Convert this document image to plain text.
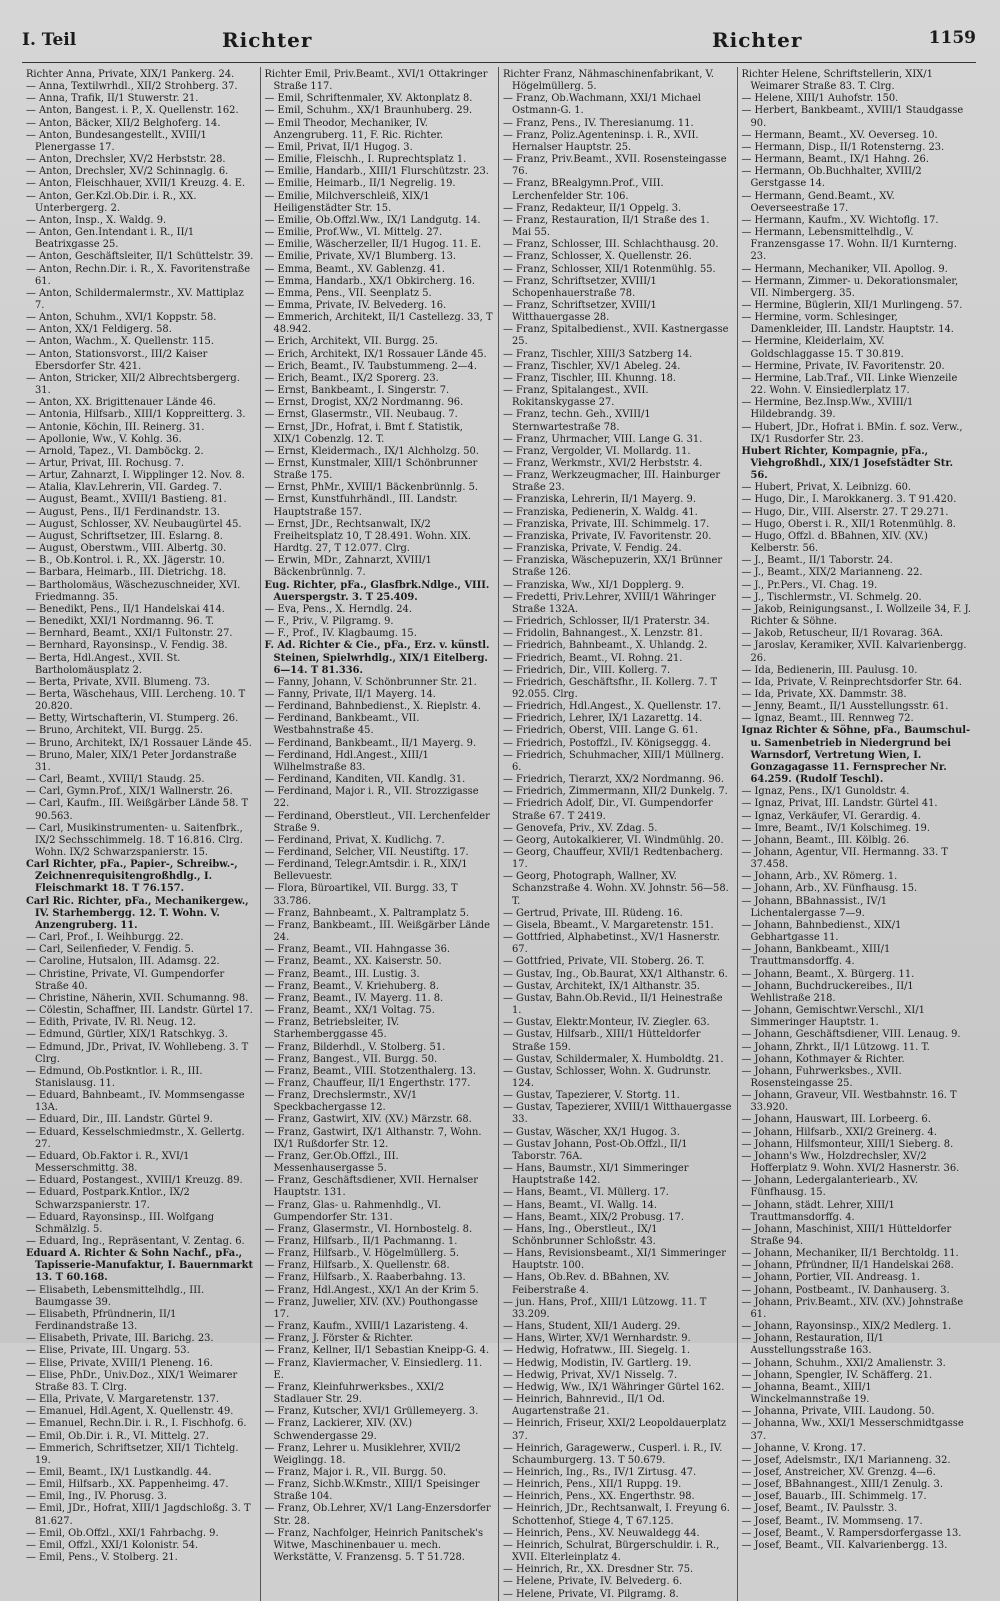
I. Teil	Richter	Richter	1159
Richter Anna, Private, XIX/1 Pankerg. 24.
— Anna, Textilwrhdl., XII/2 Strohberg. 37.
— Anna, Trafik, II/1 Stuwerstr. 21.
— Anton, Bangest. i. P., X. Quellenstr. 162.
— Anton, Bäcker, XII/2 Belghoferg. 14.
— Anton, Bundesangestellt., XVIII/1 Plenergasse 17.
— Anton, Drechsler, XV/2 Herbststr. 28.
— Anton, Drechsler, XV/2 Schinnaglg. 6.
— Anton, Fleischhauer, XVII/1 Kreuzg. 4. E.
— Anton, Ger.Kzl.Ob.Dir. i. R., XX. Unterbergerg. 2.
— Anton, Insp., X. Waldg. 9.
— Anton, Gen.Intendant i. R., II/1 Beatrixgasse 25.
— Anton, Geschäftsleiter, II/1 Schüttelstr. 39.
— Anton, Rechn.Dir. i. R., X. Favoritenstraße 61.
— Anton, Schildermalermstr., XV. Mattiplaz 7.
— Anton, Schuhm., XVI/1 Koppstr. 58.
— Anton, XX/1 Feldigerg. 58.
— Anton, Wachm., X. Quellenstr. 115.
— Anton, Stationsvorst., III/2 Kaiser Ebersdorfer Str. 421.
— Anton, Stricker, XII/2 Albrechtsbergerg. 31.
— Anton, XX. Brigittenauer Lände 46.
— Antonia, Hilfsarb., XIII/1 Koppreitterg. 3.
— Antonie, Köchin, III. Reinerg. 31.
— Apollonie, Ww., V. Kohlg. 36.
— Arnold, Tapez., VI. Damböckg. 2.
— Artur, Privat, III. Rochusg. 7.
— Artur, Zahnarzt, I. Wipplinger 12. Nov. 8.
— Atalia, Klav.Lehrerin, VII. Gardeg. 7.
— August, Beamt., XVIII/1 Bastieng. 81.
— August, Pens., II/1 Ferdinandstr. 13.
— August, Schlosser, XV. Neubaugürtel 45.
— August, Schriftsetzer, III. Eslarng. 8.
— August, Oberstwm., VIII. Albertg. 30.
— B., Ob.Kontrol. i. R., XX. Jägerstr. 10.
— Barbara, Heimarb., III. Dietrichg. 18.
— Bartholomäus, Wäschezuschneider, XVI. Friedmanng. 35.
— Benedikt, Pens., II/1 Handelskai 414.
— Benedikt, XXI/1 Nordmanng. 96. T.
— Bernhard, Beamt., XXI/1 Fultonstr. 27.
— Bernhard, Rayonsinsp., V. Fendig. 38.
— Berta, Hdl.Angest., XVII. St. Bartholomäusplatz 2.
— Berta, Private, XVII. Blumeng. 73.
— Berta, Wäschehaus, VIII. Lercheng. 10. T 20.820.
— Betty, Wirtschafterin, VI. Stumperg. 26.
— Bruno, Architekt, VII. Burgg. 25.
— Bruno, Architekt, IX/1 Rossauer Lände 45.
— Bruno, Maler, XIX/1 Peter Jordanstraße 31.
— Carl, Beamt., XVIII/1 Staudg. 25.
— Carl, Gymn.Prof., XIX/1 Wallnerstr. 26.
— Carl, Kaufm., III. Weißgärber Lände 58. T 90.563.
— Carl, Musikinstrumenten- u. Saitenfbrk., IX/2 Sechsschimmelg. 18. T 16.816. Clrg. Wohn. IX/2 Schwarzspanierstr. 15.
Carl Richter, pFa., Papier-, Schreibw.-, Zeichnenrequisitengroßhdlg., I. Fleischmarkt 18. T 76.157.
Carl Ric. Richter, pFa., Mechanikergew., IV. Starhembergg. 12. T. Wohn. V. Anzengruberg. 11.
— Carl, Prof., I. Weihburgg. 22.
— Carl, Seilenfieder, V. Fendig. 5.
— Caroline, Hutsalon, III. Adamsg. 22.
— Christine, Private, VI. Gumpendorfer Straße 40.
— Christine, Näherin, XVII. Schumanng. 98.
— Cölestin, Schaffner, III. Landstr. Gürtel 17.
— Edith, Private, IV. Rl. Neug. 12.
— Edmund, Gürtler, XIX/1 Ratschkyg. 3.
— Edmund, JDr., Privat, IV. Wohllebeng. 3. T Clrg.
— Edmund, Ob.Postkntlor. i. R., III. Stanislausg. 11.
— Eduard, Bahnbeamt., IV. Mommsengasse 13A.
— Eduard, Dir., III. Landstr. Gürtel 9.
— Eduard, Kesselschmiedmstr., X. Gellertg. 27.
— Eduard, Ob.Faktor i. R., XVI/1 Messerschmittg. 38.
— Eduard, Postangest., XVIII/1 Kreuzg. 89.
— Eduard, Postpark.Kntlor., IX/2 Schwarzspanierstr. 17.
— Eduard, Rayonsinsp., III. Wolfgang Schmälzlg. 5.
— Eduard, Ing., Repräsentant, V. Zentag. 6.
Eduard A. Richter & Sohn Nachf., pFa., Tapisserie-Manufaktur, I. Bauernmarkt 13. T 60.168.
— Elisabeth, Lebensmittelhdlg., III. Baumgasse 39.
— Elisabeth, Pfründnerin, II/1 Ferdinandstraße 13.
— Elisabeth, Private, III. Barichg. 23.
— Elise, Private, III. Ungarg. 53.
— Elise, Private, XVIII/1 Pleneng. 16.
— Elise, PhDr., Univ.Doz., XIX/1 Weimarer Straße 83. T. Clrg.
— Ella, Private, V. Margaretenstr. 137.
— Emanuel, Hdl.Agent, X. Quellenstr. 49.
— Emanuel, Rechn.Dir. i. R., I. Fischhofg. 6.
— Emil, Ob.Dir. i. R., VI. Mittelg. 27.
— Emmerich, Schriftsetzer, XII/1 Tichtelg. 19.
— Emil, Beamt., IX/1 Lustkandlg. 44.
— Emil, Hilfsarb., XX. Pappenheimg. 47.
— Emil, Ing., IV. Phorusg. 3.
— Emil, JDr., Hofrat, XIII/1 Jagdschloßg. 3. T 81.627.
— Emil, Ob.Offzl., XXI/1 Fahrbachg. 9.
— Emil, Offzl., XXI/1 Kolonistr. 54.
— Emil, Pens., V. Stolberg. 21.
Richter Emil, Priv.Beamt., XVI/1 Ottakringer Straße 117.
— Emil, Schriftenmaler, XV. Aktonplatz 8.
— Emil, Schuhm., XX/1 Braunhuberg. 29.
— Emil Theodor, Mechaniker, IV. Anzengruberg. 11, F. Ric. Richter.
— Emil, Privat, II/1 Hugog. 3.
— Emilie, Fleischh., I. Ruprechtsplatz 1.
— Emilie, Handarb., XIII/1 Flurschützstr. 23.
— Emilie, Heimarb., II/1 Negrelig. 19.
— Emilie, Milchverschleiß, XIX/1 Heiligenstädter Str. 15.
— Emilie, Ob.Offzl.Ww., IX/1 Landgutg. 14.
— Emilie, Prof.Ww., VI. Mittelg. 27.
— Emilie, Wäscherzeller, II/1 Hugog. 11. E.
— Emilie, Private, XV/1 Blumberg. 13.
— Emma, Beamt., XV. Gablenzg. 41.
— Emma, Handarb., XX/1 Obkircherg. 16.
— Emma, Pens., VII. Seenplatz 5.
— Emma, Private, IV. Belvederg. 16.
— Emmerich, Architekt, II/1 Castellezg. 33, T 48.942.
— Erich, Architekt, VII. Burgg. 25.
— Erich, Architekt, IX/1 Rossauer Lände 45.
— Erich, Beamt., IV. Taubstummeng. 2—4.
— Erich, Beamt., IX/2 Sporerg. 23.
— Ernst, Bankbeamt., I. Singerstr. 7.
— Ernst, Drogist, XX/2 Nordmanng. 96.
— Ernst, Glasermstr., VII. Neubaug. 7.
— Ernst, JDr., Hofrat, i. Bmt f. Statistik, XIX/1 Cobenzlg. 12. T.
— Ernst, Kleidermach., IX/1 Alchholzg. 50.
— Ernst, Kunstmaler, XIII/1 Schönbrunner Straße 175.
— Ernst, PhMr., XVIII/1 Bäckenbrünnlg. 5.
— Ernst, Kunstfuhrhändl., III. Landstr. Hauptstraße 157.
— Ernst, JDr., Rechtsanwalt, IX/2 Freiheitsplatz 10, T 28.491. Wohn. XIX. Hardtg. 27, T 12.077. Clrg.
— Erwin, MDr., Zahnarzt, XVIII/1 Bäckenbrünnlg. 7.
Eug. Richter, pFa., Glasfbrk.Ndlge., VIII. Auerspergstr. 3. T 25.409.
— Eva, Pens., X. Herndlg. 24.
— F., Priv., V. Pilgramg. 9.
— F., Prof., IV. Klagbaumg. 15.
F. Ad. Richter & Cie., pFa., Erz. v. künstl. Steinen, Spielwrhdlg., XIX/1 Eitelberg. 6—14. T 81.336.
— Fanny, Johann, V. Schönbrunner Str. 21.
— Fanny, Private, II/1 Mayerg. 14.
— Ferdinand, Bahnbedienst., X. Rieplstr. 4.
— Ferdinand, Bankbeamt., VII. Westbahnstraße 45.
— Ferdinand, Bankbeamt., II/1 Mayerg. 9.
— Ferdinand, Hdl.Angest., XIII/1 Wilhelmstraße 83.
— Ferdinand, Kanditen, VII. Kandlg. 31.
— Ferdinand, Major i. R., VII. Strozzigasse 22.
— Ferdinand, Oberstleut., VII. Lerchenfelder Straße 9.
— Ferdinand, Privat, X. Kudlichg. 7.
— Ferdinand, Selcher, VII. Neustiftg. 17.
— Ferdinand, Telegr.Amtsdir. i. R., XIX/1 Bellevuestr.
— Flora, Büroartikel, VII. Burgg. 33, T 33.786.
— Franz, Bahnbeamt., X. Paltramplatz 5.
— Franz, Bankbeamt., III. Weißgärber Lände 24.
— Franz, Beamt., VII. Hahngasse 36.
— Franz, Beamt., XX. Kaiserstr. 50.
— Franz, Beamt., III. Lustig. 3.
— Franz, Beamt., V. Kriehuberg. 8.
— Franz, Beamt., IV. Mayerg. 11. 8.
— Franz, Beamt., XX/1 Voltag. 75.
— Franz, Betriebsleiter, IV. Starhemberggasse 45.
— Franz, Bilderhdl., V. Stolberg. 51.
— Franz, Bangest., VII. Burgg. 50.
— Franz, Beamt., VIII. Stotzenthalerg. 13.
— Franz, Chauffeur, II/1 Engerthstr. 177.
— Franz, Drechslermstr., XV/1 Speckbachergasse 12.
— Franz, Gastwirt, XIV. (XV.) Märzstr. 68.
— Franz, Gastwirt, IX/1 Althanstr. 7, Wohn. IX/1 Rußdorfer Str. 12.
— Franz, Ger.Ob.Offzl., III. Messenhausergasse 5.
— Franz, Geschäftsdiener, XVII. Hernalser Hauptstr. 131.
— Franz, Glas- u. Rahmenhdlg., VI. Gumpendorfer Str. 131.
— Franz, Glasermstr., VI. Hornbostelg. 8.
— Franz, Hilfsarb., II/1 Pachmanng. 1.
— Franz, Hilfsarb., V. Högelmüllerg. 5.
— Franz, Hilfsarb., X. Quellenstr. 68.
— Franz, Hilfsarb., X. Raaberbahng. 13.
— Franz, Hdl.Angest., XX/1 An der Krim 5.
— Franz, Juwelier, XIV. (XV.) Pouthongasse 17.
— Franz, Kaufm., XVIII/1 Lazaristeng. 4.
— Franz, J. Förster & Richter.
— Franz, Kellner, II/1 Sebastian Kneipp-G. 4.
— Franz, Klaviermacher, V. Einsiedlerg. 11. E.
— Franz, Kleinfuhrwerksbes., XXI/2 Stadlauer Str. 29.
— Franz, Kutscher, XVI/1 Grüllemeyerg. 3.
— Franz, Lackierer, XIV. (XV.) Schwendergasse 29.
— Franz, Lehrer u. Musiklehrer, XVII/2 Weiglingg. 18.
— Franz, Major i. R., VII. Burgg. 50.
— Franz, Sichb.W.Kmstr., XIII/1 Speisinger Straße 104.
— Franz, Ob.Lehrer, XV/1 Lang-Enzersdorfer Str. 28.
— Franz, Nachfolger, Heinrich Panitschek's Witwe, Maschinenbauer u. mech. Werkstätte, V. Franzensg. 5. T 51.728.
Richter Franz, Nähmaschinenfabrikant, V. Högelmüllerg. 5.
— Franz, Ob.Wachmann, XXI/1 Michael Ostmann-G. 1.
— Franz, Pens., IV. Theresianumg. 11.
— Franz, Poliz.Agenteninsp. i. R., XVII. Hernalser Hauptstr. 25.
— Franz, Priv.Beamt., XVII. Rosensteingasse 76.
— Franz, BRealgymn.Prof., VIII. Lerchenfelder Str. 106.
— Franz, Redakteur, II/1 Oppelg. 3.
— Franz, Restauration, II/1 Straße des 1. Mai 55.
— Franz, Schlosser, III. Schlachthausg. 20.
— Franz, Schlosser, X. Quellenstr. 26.
— Franz, Schlosser, XII/1 Rotenmühlg. 55.
— Franz, Schriftsetzer, XVIII/1 Schopenhauerstraße 78.
— Franz, Schriftsetzer, XVIII/1 Witthauergasse 28.
— Franz, Spitalbedienst., XVII. Kastnergasse 25.
— Franz, Tischler, XIII/3 Satzberg 14.
— Franz, Tischler, XV/1 Abeleg. 24.
— Franz, Tischler, III. Khunng. 18.
— Franz, Spitalangest., XVII. Rokitanskygasse 27.
— Franz, techn. Geh., XVIII/1 Sternwartestraße 78.
— Franz, Uhrmacher, VIII. Lange G. 31.
— Franz, Vergolder, VI. Mollardg. 11.
— Franz, Werkmstr., XVI/2 Herbststr. 4.
— Franz, Werkzeugmacher, III. Hainburger Straße 23.
— Franziska, Lehrerin, II/1 Mayerg. 9.
— Franziska, Pedienerin, X. Waldg. 41.
— Franziska, Private, III. Schimmelg. 17.
— Franziska, Private, IV. Favoritenstr. 20.
— Franziska, Private, V. Fendig. 24.
— Franziska, Wäschepuzerin, XX/1 Brünner Straße 126.
— Franziska, Ww., XI/1 Dopplerg. 9.
— Fredetti, Priv.Lehrer, XVIII/1 Währinger Straße 132A.
— Friedrich, Schlosser, II/1 Praterstr. 34.
— Fridolin, Bahnangest., X. Lenzstr. 81.
— Friedrich, Bahnbeamt., X. Uhlandg. 2.
— Friedrich, Beamt., VI. Rohng. 21.
— Friedrich, Dir., VIII. Kollerg. 7.
— Friedrich, Geschäftsfhr., II. Kollerg. 7. T 92.055. Clrg.
— Friedrich, Hdl.Angest., X. Quellenstr. 17.
— Friedrich, Lehrer, IX/1 Lazarettg. 14.
— Friedrich, Oberst, VIII. Lange G. 61.
— Friedrich, Postoffzl., IV. Königseggg. 4.
— Friedrich, Schuhmacher, XIII/1 Müllnerg. 6.
— Friedrich, Tierarzt, XX/2 Nordmanng. 96.
— Friedrich, Zimmermann, XII/2 Dunkelg. 7.
— Friedrich Adolf, Dir., VI. Gumpendorfer Straße 67. T 2419.
— Genovefa, Priv., XV. Zdag. 5.
— Georg, Autokalkierer, VI. Windmühlg. 20.
— Georg, Chauffeur, XVII/1 Redtenbacherg. 17.
— Georg, Photograph, Wallner, XV. Schanzstraße 4. Wohn. XV. Johnstr. 56—58. T.
— Gertrud, Private, III. Rüdeng. 16.
— Gisela, Bbeamt., V. Margaretenstr. 151.
— Gottfried, Alphabetinst., XV/1 Hasnerstr. 67.
— Gottfried, Private, VII. Stoberg. 26. T.
— Gustav, Ing., Ob.Baurat, XX/1 Althanstr. 6.
— Gustav, Architekt, IX/1 Althanstr. 35.
— Gustav, Bahn.Ob.Revid., II/1 Heinestraße 1.
— Gustav, Elektr.Monteur, IV. Ziegler. 63.
— Gustav, Hilfsarb., XIII/1 Hütteldorfer Straße 159.
— Gustav, Schildermaler, X. Humboldtg. 21.
— Gustav, Schlosser, Wohn. X. Gudrunstr. 124.
— Gustav, Tapezierer, V. Stortg. 11.
— Gustav, Tapezierer, XVIII/1 Witthauergasse 33.
— Gustav, Wäscher, XX/1 Hugog. 3.
— Gustav Johann, Post-Ob.Offzl., II/1 Taborstr. 76A.
— Hans, Baumstr., XI/1 Simmeringer Hauptstraße 142.
— Hans, Beamt., VI. Müllerg. 17.
— Hans, Beamt., VI. Wallg. 14.
— Hans, Beamt., XIX/2 Probusg. 17.
— Hans, Ing., Oberstleut., IX/1 Schönbrunner Schloßstr. 43.
— Hans, Revisionsbeamt., XI/1 Simmeringer Hauptstr. 100.
— Hans, Ob.Rev. d. BBahnen, XV. Feiberstraße 4.
— jun. Hans, Prof., XIII/1 Lützowg. 11. T 33.209.
— Hans, Student, XII/1 Auderg. 29.
— Hans, Wirter, XV/1 Wernhardstr. 9.
— Hedwig, Hofratww., III. Siegelg. 1.
— Hedwig, Modistin, IV. Gartlerg. 19.
— Hedwig, Privat, XV/1 Nisselg. 7.
— Hedwig, Ww., IX/1 Währinger Gürtel 162.
— Heinrich, Bahnrevid., II/1 Od. Augartenstraße 21.
— Heinrich, Friseur, XXI/2 Leopoldauerplatz 37.
— Heinrich, Garagewerw., Cusperl. i. R., IV. Schaumburgerg. 13. T 50.679.
— Heinrich, Ing., Rs., IV/1 Zirtusg. 47.
— Heinrich, Pens., XII/1 Ruppg. 19.
— Heinrich, Pens., XX. Engerthstr. 98.
— Heinrich, JDr., Rechtsanwalt, I. Freyung 6. Schottenhof, Stiege 4, T 67.125.
— Heinrich, Pens., XV. Neuwaldegg 44.
— Heinrich, Schulrat, Bürgerschuldir. i. R., XVII. Elterleinplatz 4.
— Heinrich, Rr., XX. Dresdner Str. 75.
— Helene, Private, IV. Belvederg. 6.
— Helene, Private, VI. Pilgramg. 8.
Richter Helene, Schriftstellerin, XIX/1 Weimarer Straße 83. T. Clrg.
— Helene, XIII/1 Auhofstr. 150.
— Herbert, Bankbeamt., XVIII/1 Staudgasse 90.
— Hermann, Beamt., XV. Oeverseg. 10.
— Hermann, Disp., II/1 Rotensterng. 23.
— Hermann, Beamt., IX/1 Hahng. 26.
— Hermann, Ob.Buchhalter, XVIII/2 Gerstgasse 14.
— Hermann, Gend.Beamt., XV. Oeverseestraße 17.
— Hermann, Kaufm., XV. Wichtoflg. 17.
— Hermann, Lebensmittelhdlg., V. Franzensgasse 17. Wohn. II/1 Kurnterng. 23.
— Hermann, Mechaniker, VII. Apollog. 9.
— Hermann, Zimmer- u. Dekorationsmaler, VII. Nimbergerg. 35.
— Hermine, Büglerin, XII/1 Murlingeng. 57.
— Hermine, vorm. Schlesinger, Damenkleider, III. Landstr. Hauptstr. 14.
— Hermine, Kleiderlaim, XV. Goldschlaggasse 15. T 30.819.
— Hermine, Private, IV. Favoritenstr. 20.
— Hermine, Lab.Traf., VII. Linke Wienzeile 22. Wohn. V. Einsiedlerplatz 17.
— Hermine, Bez.Insp.Ww., XVIII/1 Hildebrandg. 39.
— Hubert, JDr., Hofrat i. BMin. f. soz. Verw., IX/1 Rusdorfer Str. 23.
Hubert Richter, Kompagnie, pFa., Viehgroßhdl., XIX/1 Josefstädter Str. 56.
— Hubert, Privat, X. Leibnizg. 60.
— Hugo, Dir., I. Marokkanerg. 3. T 91.420.
— Hugo, Dir., VIII. Alserstr. 27. T 29.271.
— Hugo, Oberst i. R., XII/1 Rotenmühlg. 8.
— Hugo, Offzl. d. BBahnen, XIV. (XV.) Kelberstr. 56.
— J., Beamt., II/1 Taborstr. 24.
— J., Beamt., XIX/2 Marianneng. 22.
— J., Pr.Pers., VI. Chag. 19.
— J., Tischlermstr., VI. Schmelg. 20.
— Jakob, Reinigungsanst., I. Wollzeile 34, F. J. Richter & Söhne.
— Jakob, Retuscheur, II/1 Rovarag. 36A.
— Jaroslav, Keramiker, XVII. Kalvarienbergg. 26.
— Ida, Bedienerin, III. Paulusg. 10.
— Ida, Private, V. Reinprechtsdorfer Str. 64.
— Ida, Private, XX. Dammstr. 38.
— Jenny, Beamt., II/1 Ausstellungsstr. 61.
— Ignaz, Beamt., III. Rennweg 72.
Ignaz Richter & Söhne, pFa., Baumschul- u. Samenbetrieb in Niedergrund bei Warnsdorf, Vertretung Wien, I. Gonzagagasse 11. Fernsprecher Nr. 64.259. (Rudolf Teschl).
— Ignaz, Pens., IX/1 Gunoldstr. 4.
— Ignaz, Privat, III. Landstr. Gürtel 41.
— Ignaz, Verkäufer, VI. Gerardig. 4.
— Imre, Beamt., IV/1 Kolschimeg. 19.
— Johann, Beamt., III. Kölblg. 26.
— Johann, Agentur, VII. Hermanng. 33. T 37.458.
— Johann, Arb., XV. Römerg. 1.
— Johann, Arb., XV. Fünfhausg. 15.
— Johann, BBahnassist., IV/1 Lichentalergasse 7—9.
— Johann, Bahnbedienst., XIX/1 Gebhartgasse 11.
— Johann, Bankbeamt., XIII/1 Trauttmansdorffg. 4.
— Johann, Beamt., X. Bürgerg. 11.
— Johann, Buchdruckereibes., II/1 Wehlistraße 218.
— Johann, Gemischtwr.Verschl., XI/1 Simmeringer Hauptstr. 1.
— Johann, Geschäftsdiener, VIII. Lenaug. 9.
— Johann, Zhrkt., II/1 Lützowg. 11. T.
— Johann, Kothmayer & Richter.
— Johann, Fuhrwerksbes., XVII. Rosensteingasse 25.
— Johann, Graveur, VII. Westbahnstr. 16. T 33.920.
— Johann, Hauswart, III. Lorbeerg. 6.
— Johann, Hilfsarb., XXI/2 Greinerg. 4.
— Johann, Hilfsmonteur, XIII/1 Sieberg. 8.
— Johann's Ww., Holzdrechsler, XV/2 Hofferplatz 9. Wohn. XVI/2 Hasnerstr. 36.
— Johann, Ledergalanteriearb., XV. Fünfhausg. 15.
— Johann, städt. Lehrer, XIII/1 Trauttmansdorffg. 4.
— Johann, Maschinist, XIII/1 Hütteldorfer Straße 94.
— Johann, Mechaniker, II/1 Berchtoldg. 11.
— Johann, Pfründner, II/1 Handelskai 268.
— Johann, Portier, VII. Andreasg. 1.
— Johann, Postbeamt., IV. Danhauserg. 3.
— Johann, Priv.Beamt., XIV. (XV.) Johnstraße 61.
— Johann, Rayonsinsp., XIX/2 Medlerg. 1.
— Johann, Restauration, II/1 Ausstellungsstraße 163.
— Johann, Schuhm., XXI/2 Amalienstr. 3.
— Johann, Spengler, IV. Schäfferg. 21.
— Johanna, Beamt., XIII/1 Winckelmannstraße 19.
— Johanna, Private, VIII. Laudong. 50.
— Johanna, Ww., XXI/1 Messerschmidtgasse 37.
— Johanne, V. Krong. 17.
— Josef, Adelsmstr., IX/1 Marianneng. 32.
— Josef, Anstreicher, XV. Grenzg. 4—6.
— Josef, BBahnangest., XIII/1 Zenulg. 3.
— Josef, Bauarb., III. Schimmelg. 17.
— Josef, Beamt., IV. Paulsstr. 3.
— Josef, Beamt., IV. Mommseng. 17.
— Josef, Beamt., V. Rampersdorfergasse 13.
— Josef, Beamt., VII. Kalvarienbergg. 13.
